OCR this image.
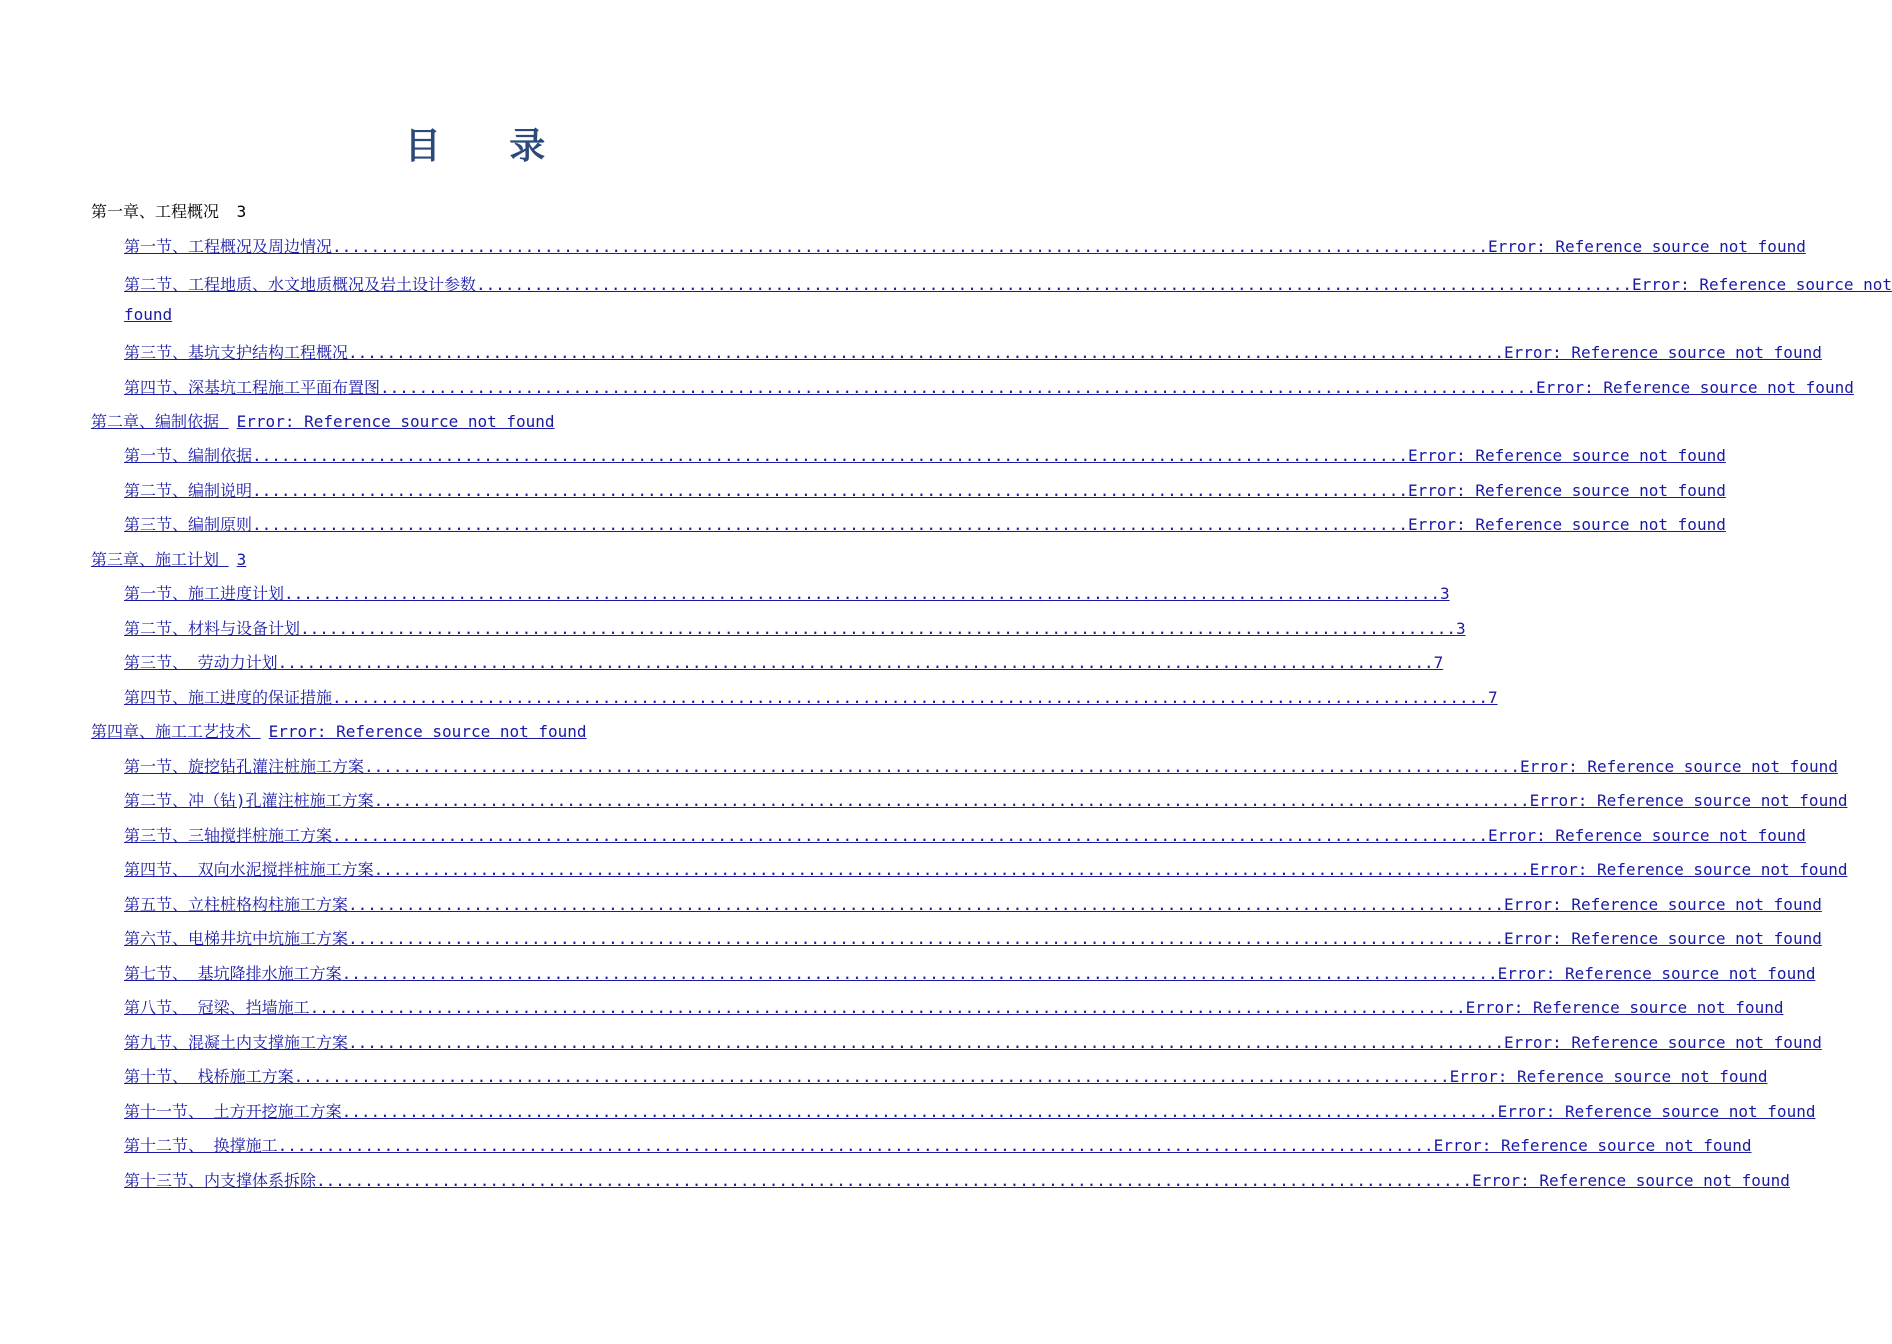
目 录
第一章、工程概况 3
第一节、工程概况及周边情况 ........................................................................................................................ Error: Reference source not found
第二节、工程地质、水文地质概况及岩土设计参数 ........................................................................................................................ Error: Reference source not
found
第三节、基坑支护结构工程概况 ........................................................................................................................ Error: Reference source not found
第四节、深基坑工程施工平面布置图 ........................................................................................................................ Error: Reference source not found
第二章、编制依据 Error: Reference source not found
第一节、编制依据 ........................................................................................................................ Error: Reference source not found
第二节、编制说明 ........................................................................................................................ Error: Reference source not found
第三节、编制原则 ........................................................................................................................ Error: Reference source not found
第三章、施工计划 3
第一节、施工进度计划 ........................................................................................................................ 3
第二节、材料与设备计划 ........................................................................................................................ 3
第三节、 劳动力计划 ........................................................................................................................ 7
第四节、施工进度的保证措施 ........................................................................................................................ 7
第四章、施工工艺技术 Error: Reference source not found
第一节、旋挖钻孔灌注桩施工方案 ........................................................................................................................ Error: Reference source not found
第二节、冲（钻)孔灌注桩施工方案 ........................................................................................................................ Error: Reference source not found
第三节、三轴搅拌桩施工方案 ........................................................................................................................ Error: Reference source not found
第四节、 双向水泥搅拌桩施工方案 ........................................................................................................................ Error: Reference source not found
第五节、立柱桩格构柱施工方案 ........................................................................................................................ Error: Reference source not found
第六节、电梯井坑中坑施工方案 ........................................................................................................................ Error: Reference source not found
第七节、 基坑降排水施工方案 ........................................................................................................................ Error: Reference source not found
第八节、 冠梁、挡墙施工 ........................................................................................................................ Error: Reference source not found
第九节、混凝土内支撑施工方案 ........................................................................................................................ Error: Reference source not found
第十节、 栈桥施工方案 ........................................................................................................................ Error: Reference source not found
第十一节、 土方开挖施工方案 ........................................................................................................................ Error: Reference source not found
第十二节、 换撑施工 ........................................................................................................................ Error: Reference source not found
第十三节、内支撑体系拆除 ........................................................................................................................ Error: Reference source not found
